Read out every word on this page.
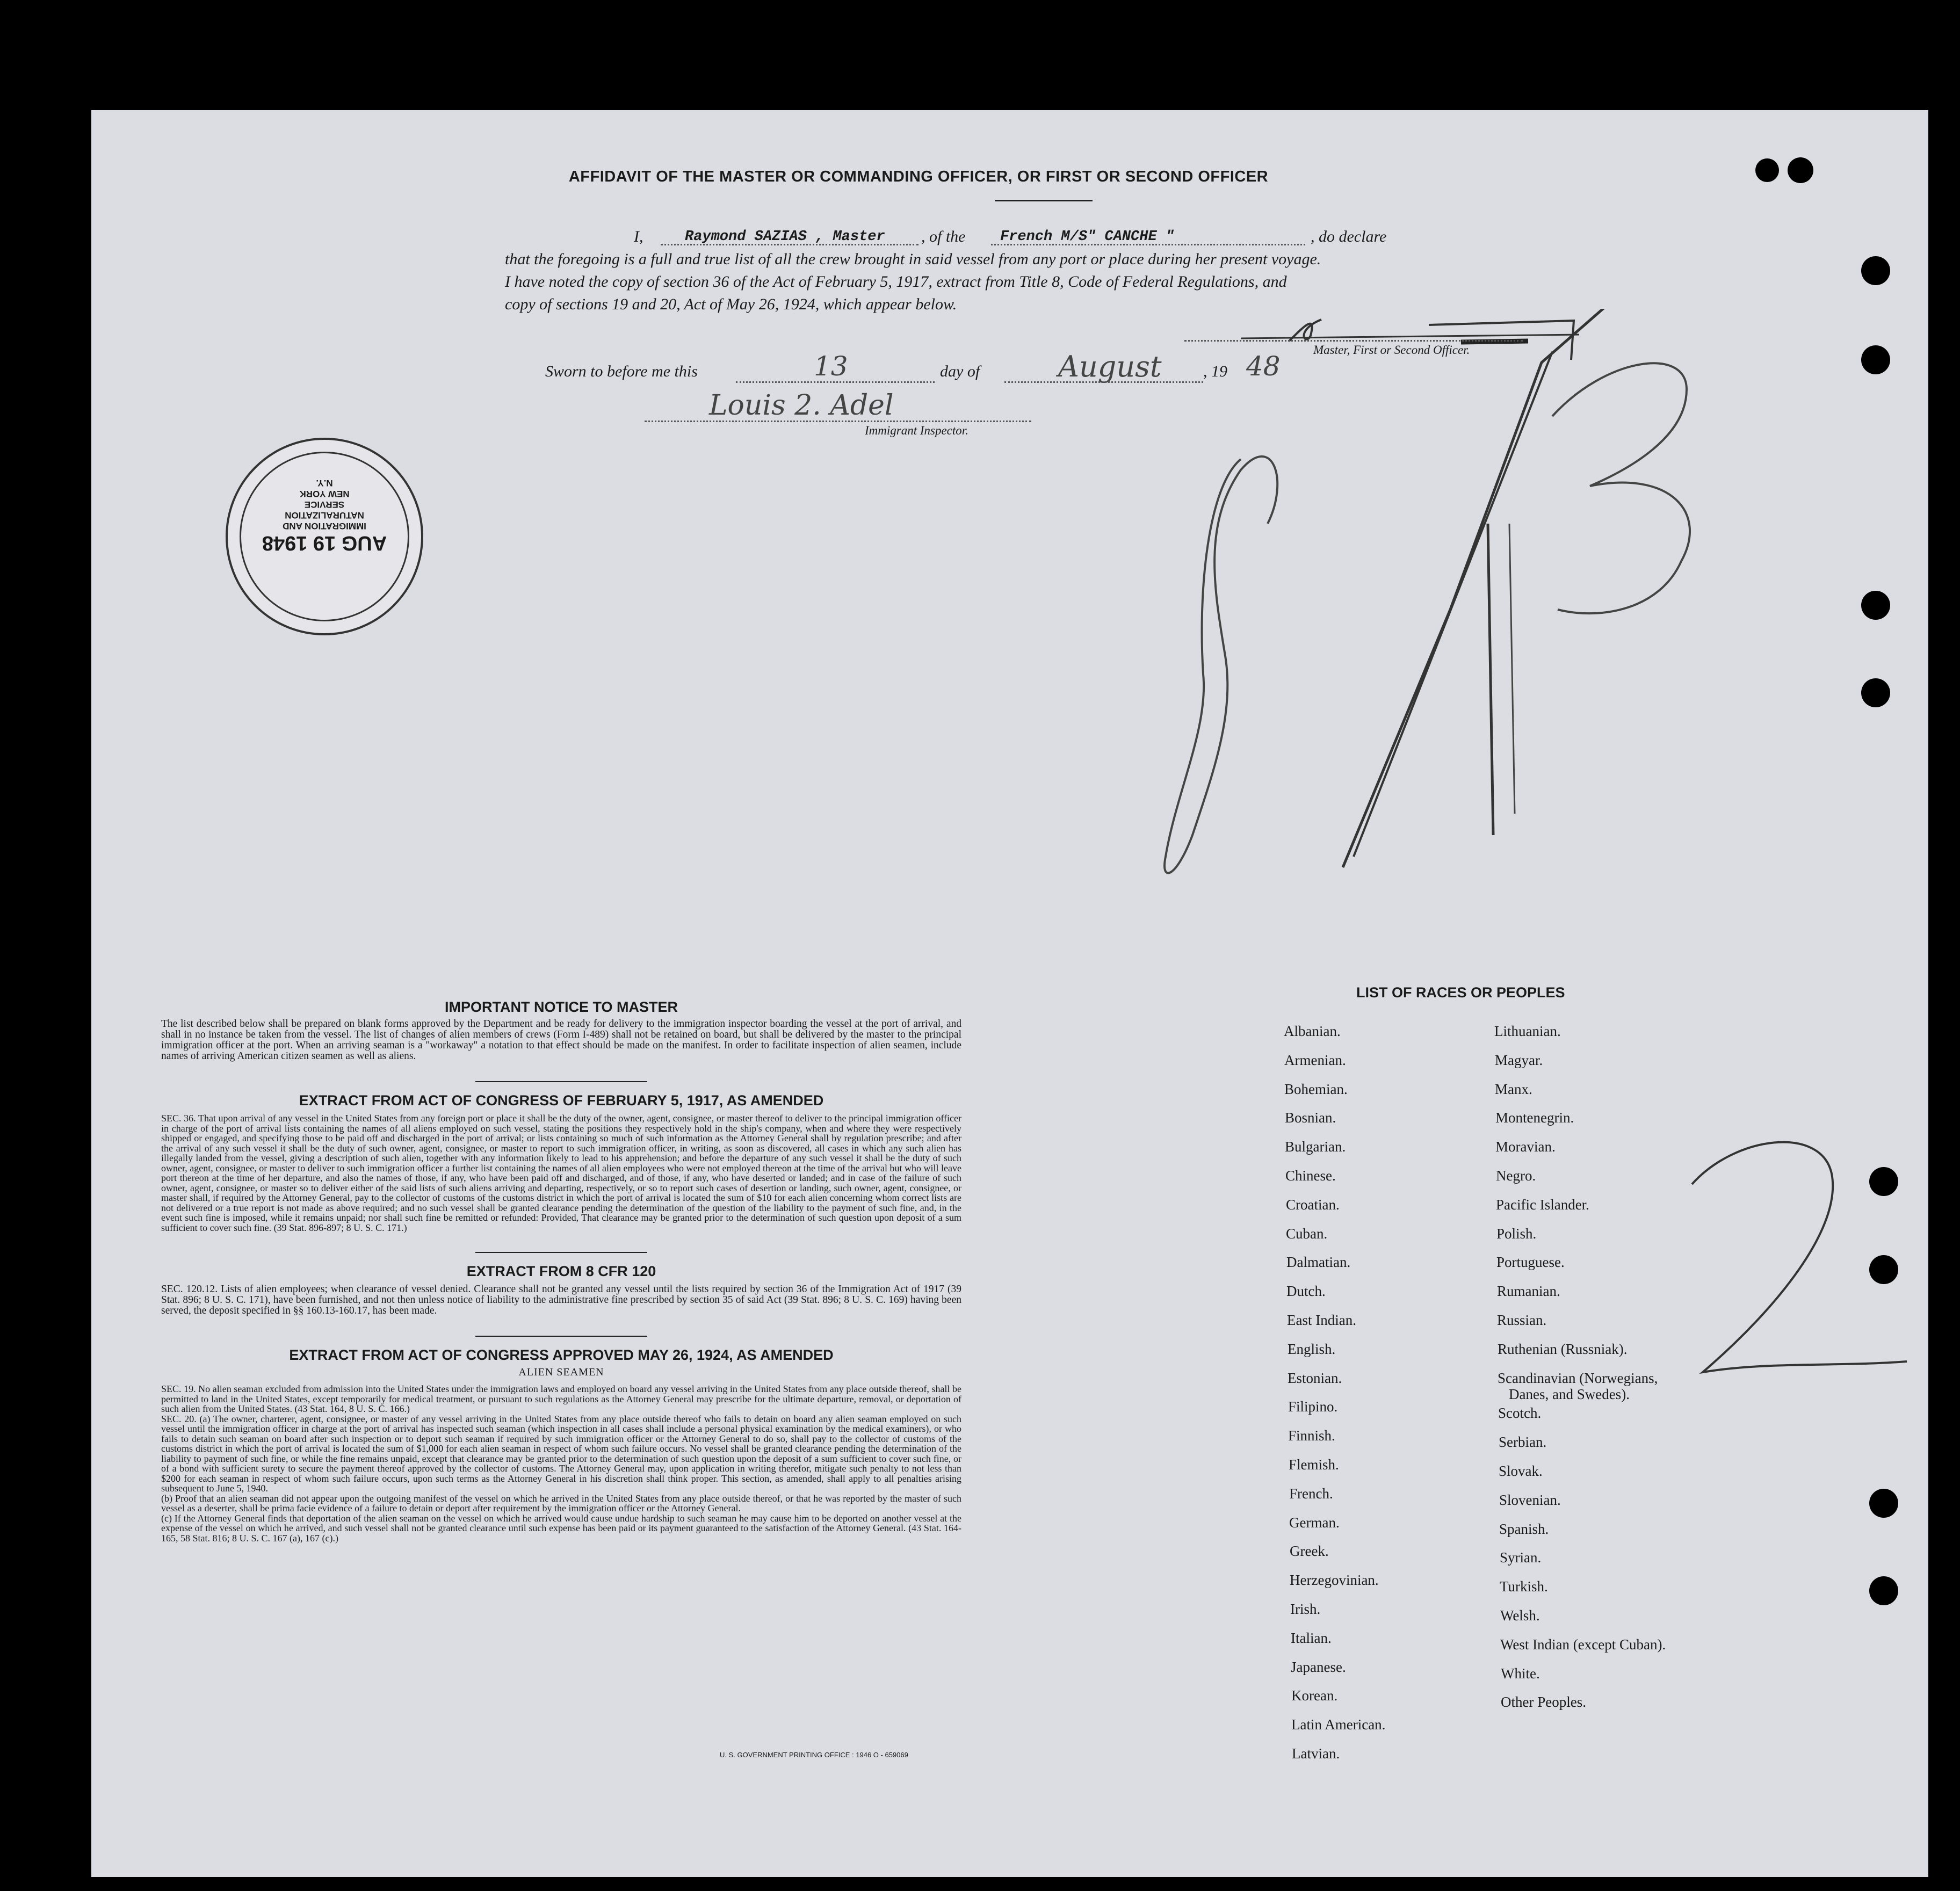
AFFIDAVIT OF THE MASTER OR COMMANDING OFFICER, OR FIRST OR SECOND OFFICER
I,	Raymond SAZIAS , Master , of the French M/S" CANCHE "	, do declare
that the foregoing is a full and true list of all the crew brought in said vessel from any port or place during her present voyage.
I have noted the copy of section 36 of the Act of February 5, 1917, extract from Title 8, Code of Federal Regulations, and
copy of sections 19 and 20, Act of May 26, 1924, which appear below.
Master, First or Second Officer.
Sworn to before me this	13	day of	August	, 19 48
Louis 2. Adel
Immigrant Inspector.
IMMIGRATION AND
NATURALIZATION
SERVICE
NEW YORK
N.Y.
AUG 19 1948
IMPORTANT NOTICE TO MASTER

The list described below shall be prepared on blank forms approved by the Department and be ready for delivery to the immigration inspector boarding the vessel at the port of arrival, and shall in no instance be taken from the vessel. The list of changes of alien members of crews (Form I-489) shall not be retained on board, but shall be delivered by the master to the principal immigration officer at the port. When an arriving seaman is a "workaway" a notation to that effect should be made on the manifest. In order to facilitate inspection of alien seamen, include names of arriving American citizen seamen as well as aliens.

EXTRACT FROM ACT OF CONGRESS OF FEBRUARY 5, 1917, AS AMENDED

SEC. 36. That upon arrival of any vessel in the United States from any foreign port or place it shall be the duty of the owner, agent, consignee, or master thereof to deliver to the principal immigration officer in charge of the port of arrival lists containing the names of all aliens employed on such vessel, stating the positions they respectively hold in the ship's company, when and where they were respectively shipped or engaged, and specifying those to be paid off and discharged in the port of arrival; or lists containing so much of such information as the Attorney General shall by regulation prescribe; and after the arrival of any such vessel it shall be the duty of such owner, agent, consignee, or master to report to such immigration officer, in writing, as soon as discovered, all cases in which any such alien has illegally landed from the vessel, giving a description of such alien, together with any information likely to lead to his apprehension; and before the departure of any such vessel it shall be the duty of such owner, agent, consignee, or master to deliver to such immigration officer a further list containing the names of all alien employees who were not employed thereon at the time of the arrival but who will leave port thereon at the time of her departure, and also the names of those, if any, who have been paid off and discharged, and of those, if any, who have deserted or landed; and in case of the failure of such owner, agent, consignee, or master so to deliver either of the said lists of such aliens arriving and departing, respectively, or so to report such cases of desertion or landing, such owner, agent, consignee, or master shall, if required by the Attorney General, pay to the collector of customs of the customs district in which the port of arrival is located the sum of $10 for each alien concerning whom correct lists are not delivered or a true report is not made as above required; and no such vessel shall be granted clearance pending the determination of the question of the liability to the payment of such fine, and, in the event such fine is imposed, while it remains unpaid; nor shall such fine be remitted or refunded: Provided, That clearance may be granted prior to the determination of such question upon deposit of a sum sufficient to cover such fine. (39 Stat. 896-897; 8 U. S. C. 171.)

EXTRACT FROM 8 CFR 120

SEC. 120.12. Lists of alien employees; when clearance of vessel denied. Clearance shall not be granted any vessel until the lists required by section 36 of the Immigration Act of 1917 (39 Stat. 896; 8 U. S. C. 171), have been furnished, and not then unless notice of liability to the administrative fine prescribed by section 35 of said Act (39 Stat. 896; 8 U. S. C. 169) having been served, the deposit specified in §§ 160.13-160.17, has been made.

EXTRACT FROM ACT OF CONGRESS APPROVED MAY 26, 1924, AS AMENDED
ALIEN SEAMEN

SEC. 19. No alien seaman excluded from admission into the United States under the immigration laws and employed on board any vessel arriving in the United States from any place outside thereof, shall be permitted to land in the United States, except temporarily for medical treatment, or pursuant to such regulations as the Attorney General may prescribe for the ultimate departure, removal, or deportation of such alien from the United States. (43 Stat. 164, 8 U. S. C. 166.)

SEC. 20. (a) The owner, charterer, agent, consignee, or master of any vessel arriving in the United States from any place outside thereof who fails to detain on board any alien seaman employed on such vessel until the immigration officer in charge at the port of arrival has inspected such seaman (which inspection in all cases shall include a personal physical examination by the medical examiners), or who fails to detain such seaman on board after such inspection or to deport such seaman if required by such immigration officer or the Attorney General to do so, shall pay to the collector of customs of the customs district in which the port of arrival is located the sum of $1,000 for each alien seaman in respect of whom such failure occurs. No vessel shall be granted clearance pending the determination of the liability to payment of such fine, or while the fine remains unpaid, except that clearance may be granted prior to the determination of such question upon the deposit of a sum sufficient to cover such fine, or of a bond with sufficient surety to secure the payment thereof approved by the collector of customs. The Attorney General may, upon application in writing therefor, mitigate such penalty to not less than $200 for each seaman in respect of whom such failure occurs, upon such terms as the Attorney General in his discretion shall think proper. This section, as amended, shall apply to all penalties arising subsequent to June 5, 1940.

(b) Proof that an alien seaman did not appear upon the outgoing manifest of the vessel on which he arrived in the United States from any place outside thereof, or that he was reported by the master of such vessel as a deserter, shall be prima facie evidence of a failure to detain or deport after requirement by the immigration officer or the Attorney General.

(c) If the Attorney General finds that deportation of the alien seaman on the vessel on which he arrived would cause undue hardship to such seaman he may cause him to be deported on another vessel at the expense of the vessel on which he arrived, and such vessel shall not be granted clearance until such expense has been paid or its payment guaranteed to the satisfaction of the Attorney General. (43 Stat. 164-165, 58 Stat. 816; 8 U. S. C. 167 (a), 167 (c).)

U. S. GOVERNMENT PRINTING OFFICE : 1946 O - 659069
LIST OF RACES OR PEOPLES
Albanian.
Armenian.
Bohemian.
Bosnian.
Bulgarian.
Chinese.
Croatian.
Cuban.
Dalmatian.
Dutch.
East Indian.
English.
Estonian.
Filipino.
Finnish.
Flemish.
French.
German.
Greek.
Herzegovinian.
Irish.
Italian.
Japanese.
Korean.
Latin American.
Latvian.
Lithuanian.
Magyar.
Manx.
Montenegrin.
Moravian.
Negro.
Pacific Islander.
Polish.
Portuguese.
Rumanian.
Russian.
Ruthenian (Russniak).
Scandinavian (Norwegians,
Danes, and Swedes).
Scotch.
Serbian.
Slovak.
Slovenian.
Spanish.
Syrian.
Turkish.
Welsh.
West Indian (except Cuban).
White.
Other Peoples.
